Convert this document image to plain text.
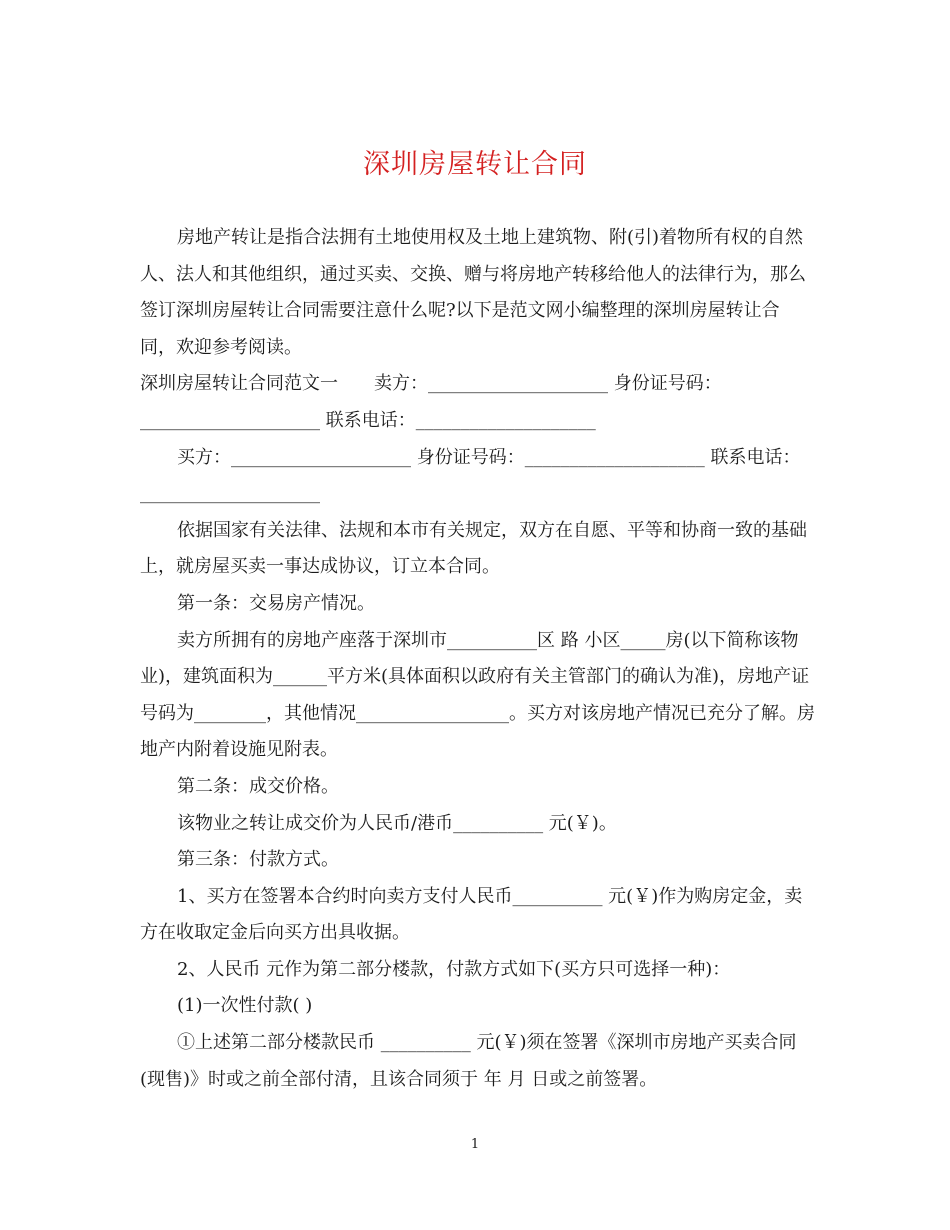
深圳房屋转让合同

房地产转让是指合法拥有土地使用权及土地上建筑物、附(引)着物所有权的自然人、法人和其他组织，通过买卖、交换、赠与将房地产转移给他人的法律行为，那么签订深圳房屋转让合同需要注意什么呢?以下是范文网小编整理的深圳房屋转让合同，欢迎参考阅读。

深圳房屋转让合同范文一　　卖方：____________________ 身份证号码：____________________ 联系电话：____________________

买方：____________________ 身份证号码：____________________ 联系电话：____________________

依据国家有关法律、法规和本市有关规定，双方在自愿、平等和协商一致的基础上，就房屋买卖一事达成协议，订立本合同。

第一条：交易房产情况。

卖方所拥有的房地产座落于深圳市__________区 路 小区_____房(以下简称该物业)，建筑面积为______平方米(具体面积以政府有关主管部门的确认为准)，房地产证号码为________，其他情况_________________。买方对该房地产情况已充分了解。房地产内附着设施见附表。

第二条：成交价格。

该物业之转让成交价为人民币/港币__________ 元(￥)。

第三条：付款方式。

1、买方在签署本合约时向卖方支付人民币__________ 元(￥)作为购房定金，卖方在收取定金后向买方出具收据。

2、人民币 元作为第二部分楼款，付款方式如下(买方只可选择一种)：

(1)一次性付款( )

①上述第二部分楼款民币 __________ 元(￥)须在签署《深圳市房地产买卖合同(现售)》时或之前全部付清，且该合同须于 年 月 日或之前签署。

1
